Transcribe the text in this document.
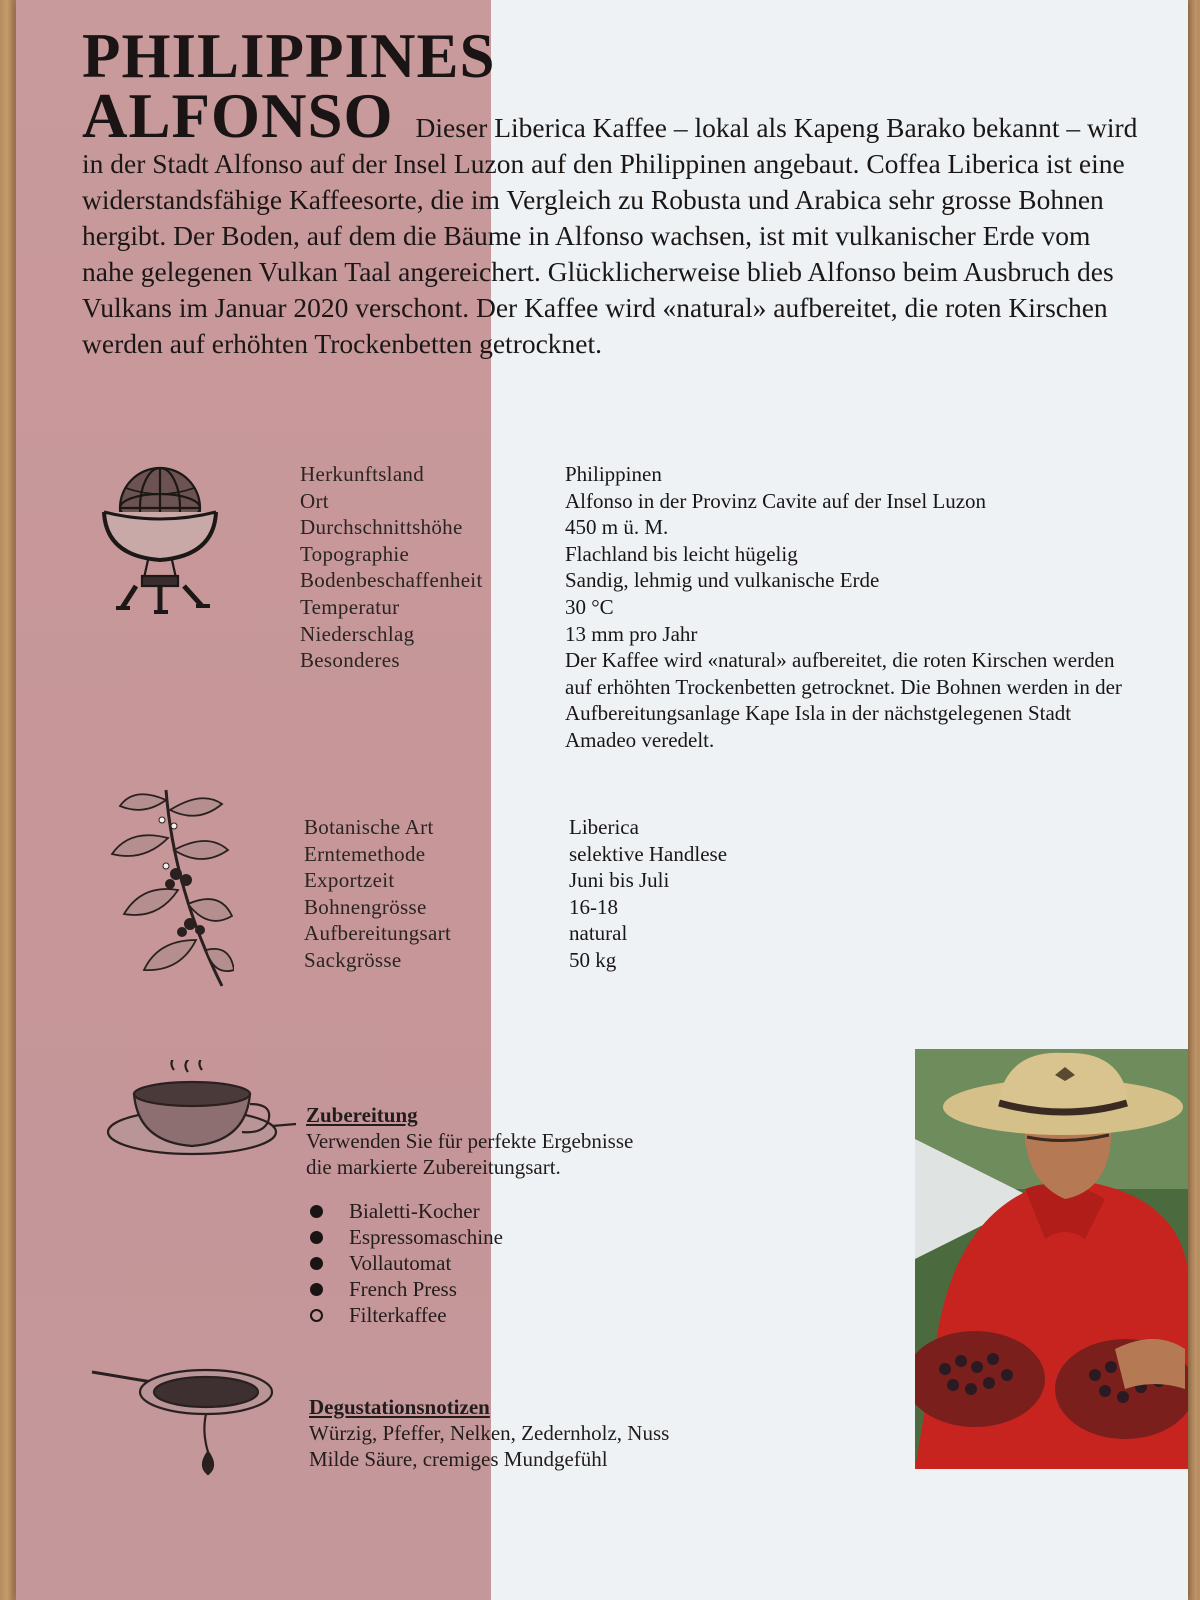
PHILIPPINES
ALFONSO Dieser Liberica Kaffee – lokal als Kapeng Barako bekannt – wird in der Stadt Alfonso auf der Insel Luzon auf den Philippinen angebaut. Coffea Liberica ist eine widerstandsfähige Kaffeesorte, die im Vergleich zu Robusta und Arabica sehr grosse Bohnen hergibt. Der Boden, auf dem die Bäume in Alfonso wachsen, ist mit vulkanischer Erde vom nahe gelegenen Vulkan Taal angereichert. Glücklicherweise blieb Alfonso beim Ausbruch des Vulkans im Januar 2020 verschont. Der Kaffee wird «natural» aufbereitet, die roten Kirschen werden auf erhöhten Trockenbetten getrocknet.
Herkunftsland	Philippinen
Ort	Alfonso in der Provinz Cavite auf der Insel Luzon
Durchschnittshöhe	450 m ü. M.
Topographie	Flachland bis leicht hügelig
Bodenbeschaffenheit	Sandig, lehmig und vulkanische Erde
Temperatur	30 °C
Niederschlag	13 mm pro Jahr
Besonderes	Der Kaffee wird «natural» aufbereitet, die roten Kirschen werden auf erhöhten Trockenbetten getrocknet. Die Bohnen werden in der Aufbereitungsanlage Kape Isla in der nächstgelegenen Stadt Amadeo veredelt.
Botanische Art	Liberica
Erntemethode	selektive Handlese
Exportzeit	Juni bis Juli
Bohnengrösse	16-18
Aufbereitungsart	natural
Sackgrösse	50 kg
Zubereitung
Verwenden Sie für perfekte Ergebnisse
die markierte Zubereitungsart.
Bialetti-Kocher
Espressomaschine
Vollautomat
French Press
Filterkaffee
Degustationsnotizen
Würzig, Pfeffer, Nelken, Zedernholz, Nuss
Milde Säure, cremiges Mundgefühl
